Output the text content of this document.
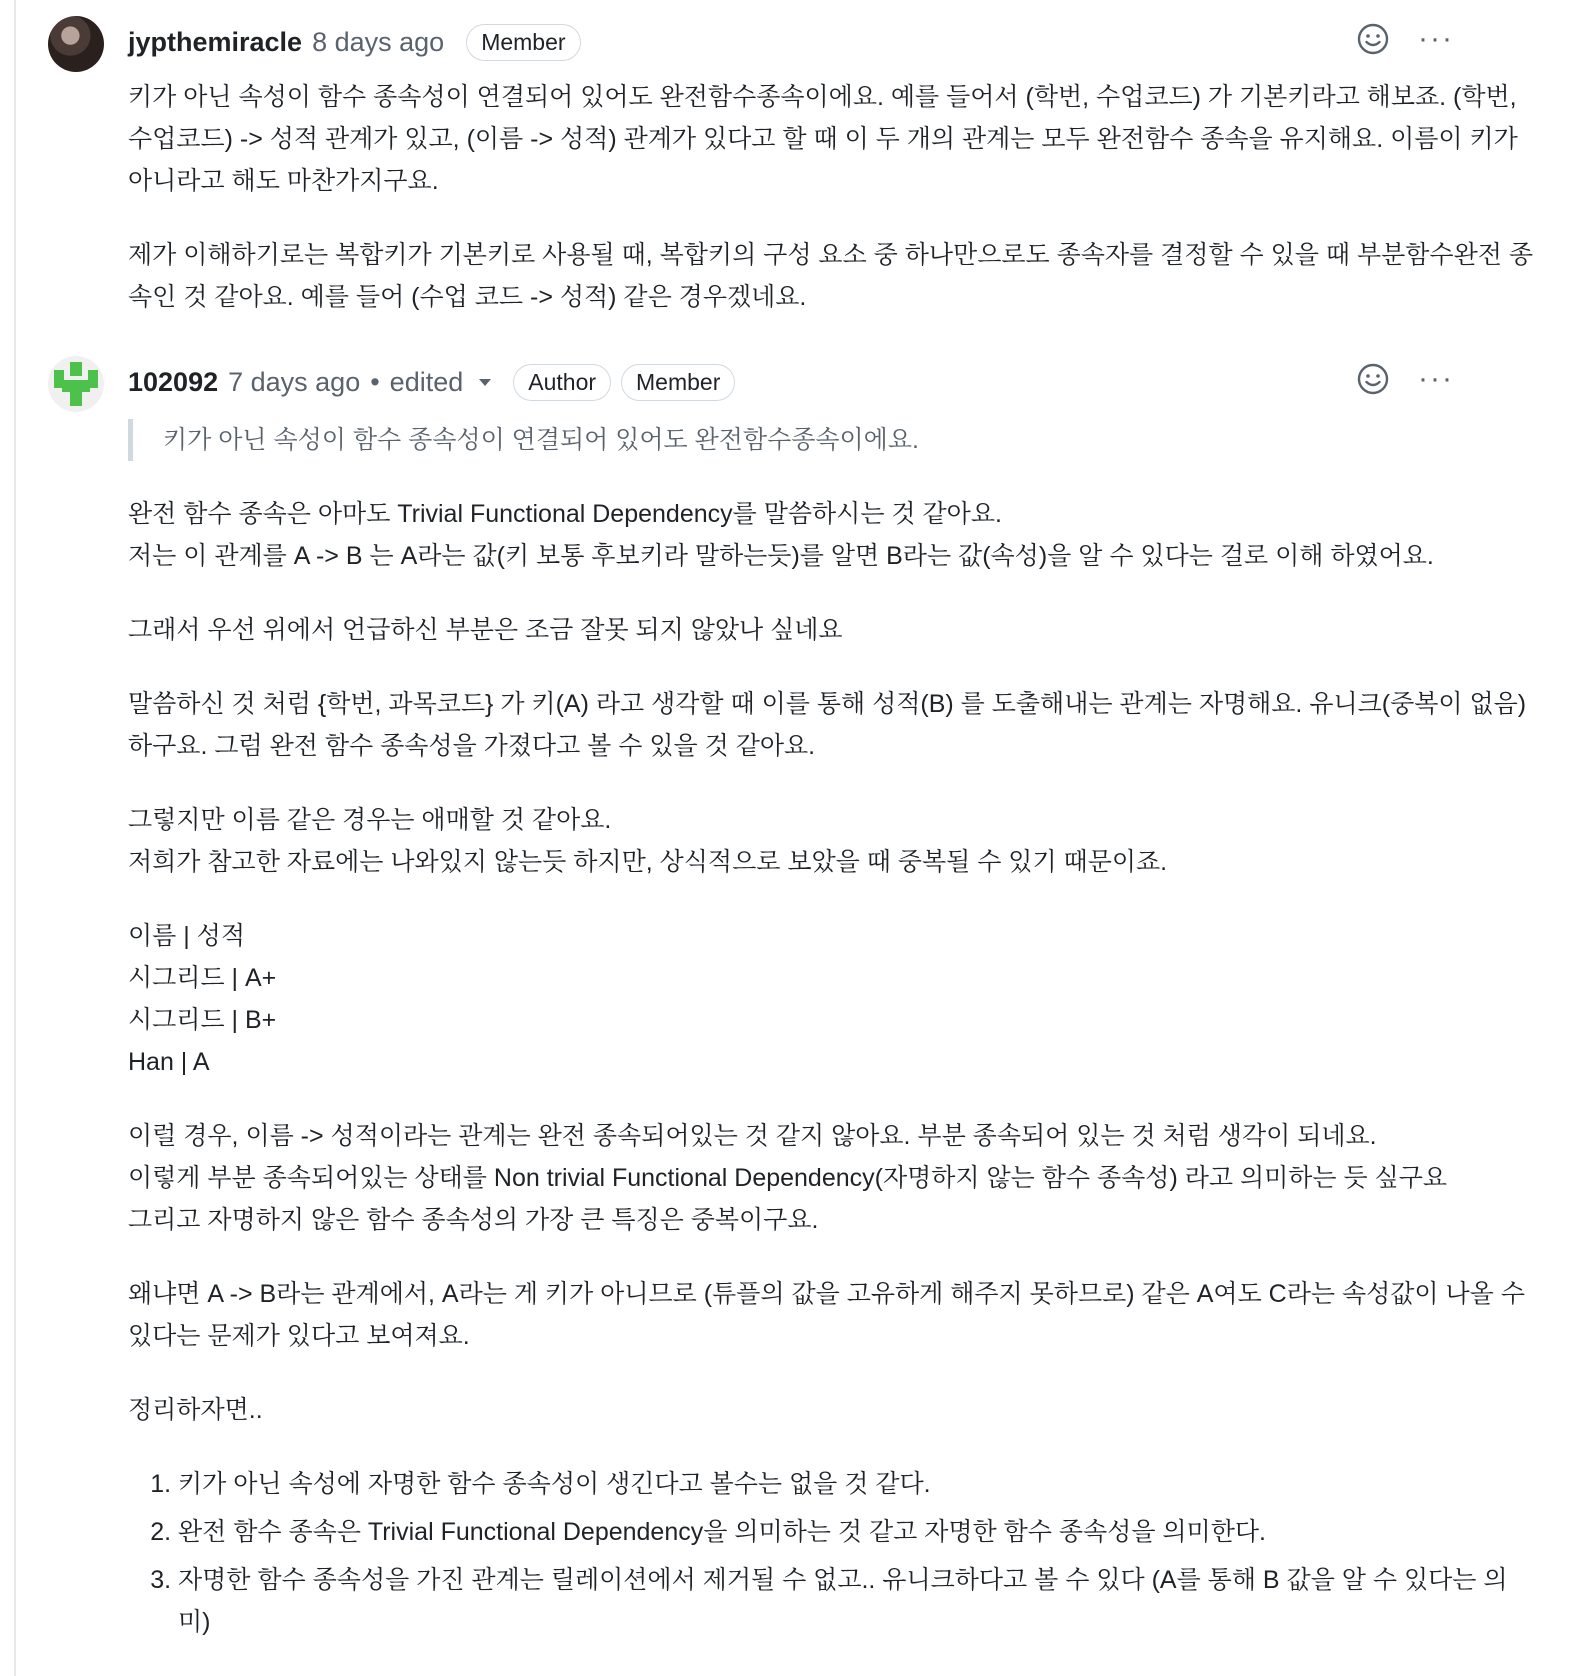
jypthemiracle 8 days ago	Member	···

키가 아닌 속성이 함수 종속성이 연결되어 있어도 완전함수종속이에요. 예를 들어서 (학번, 수업코드) 가 기본키라고 해보죠. (학번, 수업코드) -> 성적 관계가 있고, (이름 -> 성적) 관계가 있다고 할 때 이 두 개의 관계는 모두 완전함수 종속을 유지해요. 이름이 키가 아니라고 해도 마찬가지구요.

제가 이해하기로는 복합키가 기본키로 사용될 때, 복합키의 구성 요소 중 하나만으로도 종속자를 결정할 수 있을 때 부분함수완전 종속인 것 같아요. 예를 들어 (수업 코드 -> 성적) 같은 경우겠네요.

102092 7 days ago • edited	Author	Member	···
키가 아닌 속성이 함수 종속성이 연결되어 있어도 완전함수종속이에요.

완전 함수 종속은 아마도 Trivial Functional Dependency를 말씀하시는 것 같아요.
저는 이 관계를 A -> B 는 A라는 값(키 보통 후보키라 말하는듯)를 알면 B라는 값(속성)을 알 수 있다는 걸로 이해 하였어요.

그래서 우선 위에서 언급하신 부분은 조금 잘못 되지 않았나 싶네요

말씀하신 것 처럼 {학번, 과목코드} 가 키(A) 라고 생각할 때 이를 통해 성적(B) 를 도출해내는 관계는 자명해요. 유니크(중복이 없음)하구요. 그럼 완전 함수 종속성을 가졌다고 볼 수 있을 것 같아요.

그렇지만 이름 같은 경우는 애매할 것 같아요.
저희가 참고한 자료에는 나와있지 않는듯 하지만, 상식적으로 보았을 때 중복될 수 있기 때문이죠.

이름 | 성적
시그리드 | A+
시그리드 | B+
Han | A

이럴 경우, 이름 -> 성적이라는 관계는 완전 종속되어있는 것 같지 않아요. 부분 종속되어 있는 것 처럼 생각이 되네요.
이렇게 부분 종속되어있는 상태를 Non trivial Functional Dependency(자명하지 않는 함수 종속성) 라고 의미하는 듯 싶구요
그리고 자명하지 않은 함수 종속성의 가장 큰 특징은 중복이구요.

왜냐면 A -> B라는 관계에서, A라는 게 키가 아니므로 (튜플의 값을 고유하게 해주지 못하므로) 같은 A여도 C라는 속성값이 나올 수 있다는 문제가 있다고 보여져요.

정리하자면..

1. 키가 아닌 속성에 자명한 함수 종속성이 생긴다고 볼수는 없을 것 같다.
2. 완전 함수 종속은 Trivial Functional Dependency을 의미하는 것 같고 자명한 함수 종속성을 의미한다.
3. 자명한 함수 종속성을 가진 관계는 릴레이션에서 제거될 수 없고.. 유니크하다고 볼 수 있다 (A를 통해 B 값을 알 수 있다는 의미)
